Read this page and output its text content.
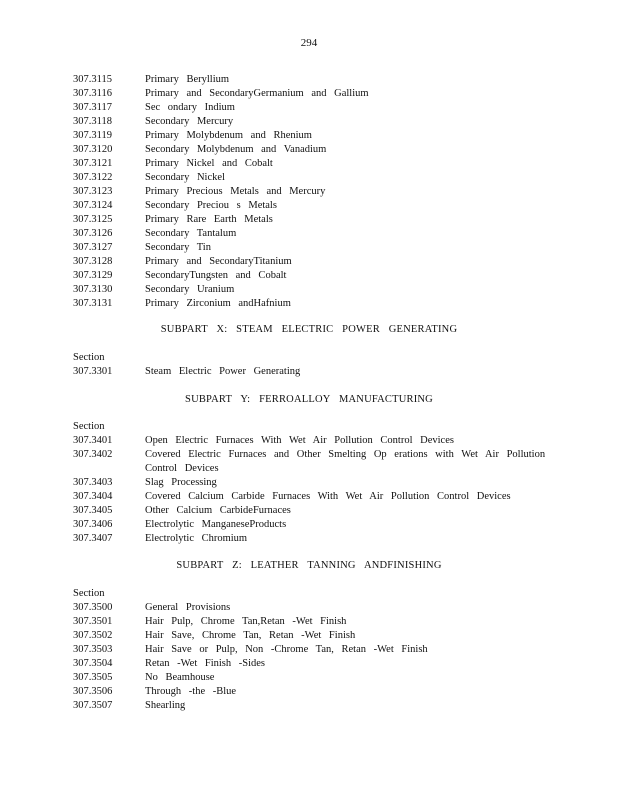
294
307.3115	Primary Beryllium
307.3116	Primary and SecondaryGermanium and Gallium
307.3117	Sec ondary Indium
307.3118	Secondary Mercury
307.3119	Primary Molybdenum and Rhenium
307.3120	Secondary Molybdenum and Vanadium
307.3121	Primary Nickel and Cobalt
307.3122	Secondary Nickel
307.3123	Primary Precious Metals and Mercury
307.3124	Secondary Preciou s Metals
307.3125	Primary Rare Earth Metals
307.3126	Secondary Tantalum
307.3127	Secondary Tin
307.3128	Primary and SecondaryTitanium
307.3129	SecondaryTungsten and Cobalt
307.3130	Secondary Uranium
307.3131	Primary Zirconium andHafnium
SUBPART X: STEAM ELECTRIC POWER GENERATING
Section
307.3301	Steam Electric Power Generating
SUBPART Y: FERROALLOY MANUFACTURING
Section
307.3401	Open Electric Furnaces With Wet Air Pollution Control Devices
307.3402	Covered Electric Furnaces and Other Smelting Op erations with Wet Air Pollution Control Devices
307.3403	Slag Processing
307.3404	Covered Calcium Carbide Furnaces With Wet Air Pollution Control Devices
307.3405	Other Calcium CarbideFurnaces
307.3406	Electrolytic ManganeseProducts
307.3407	Electrolytic Chromium
SUBPART Z: LEATHER TANNING ANDFINISHING
Section
307.3500	General Provisions
307.3501	Hair Pulp, Chrome Tan,Retan -Wet Finish
307.3502	Hair Save, Chrome Tan, Retan -Wet Finish
307.3503	Hair Save or Pulp, Non -Chrome Tan, Retan -Wet Finish
307.3504	Retan -Wet Finish -Sides
307.3505	No Beamhouse
307.3506	Through -the -Blue
307.3507	Shearling
